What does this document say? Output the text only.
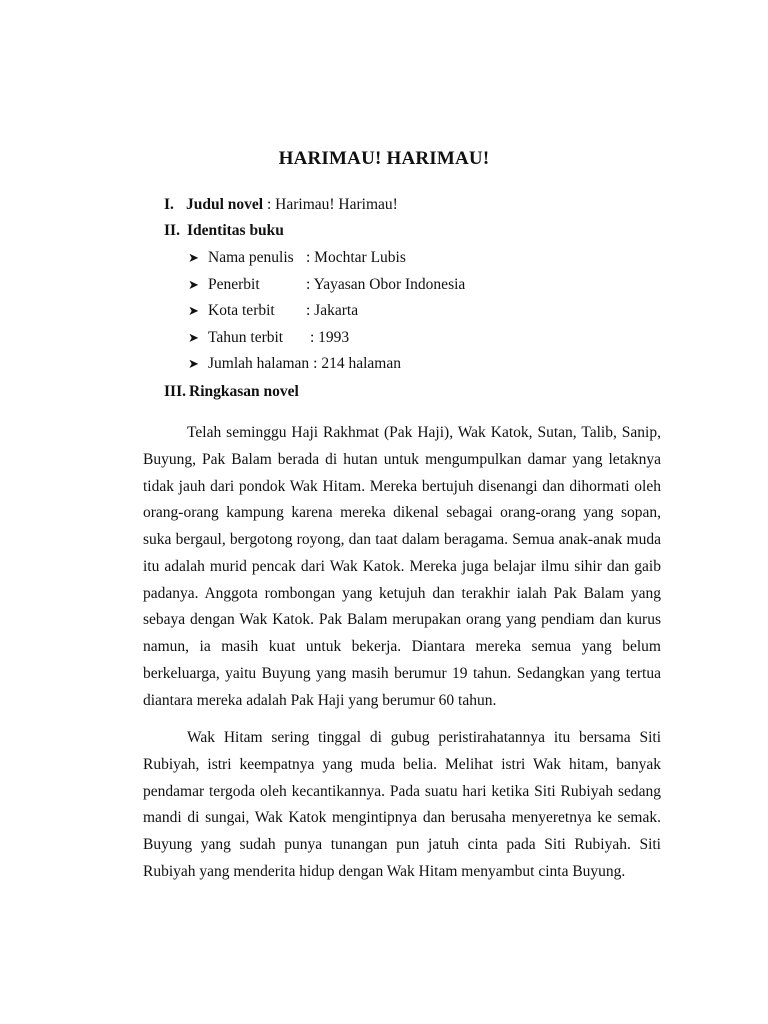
HARIMAU! HARIMAU!
I. Judul novel : Harimau! Harimau!
II. Identitas buku
➤ Nama penulis : Mochtar Lubis
➤ Penerbit	: Yayasan Obor Indonesia
➤ Kota terbit	: Jakarta
➤ Tahun terbit	: 1993
➤ Jumlah halaman : 214 halaman
III. Ringkasan novel

Telah seminggu Haji Rakhmat (Pak Haji), Wak Katok, Sutan, Talib, Sanip, Buyung, Pak Balam berada di hutan untuk mengumpulkan damar yang letaknya tidak jauh dari pondok Wak Hitam. Mereka bertujuh disenangi dan dihormati oleh orang-orang kampung karena mereka dikenal sebagai orang-orang yang sopan, suka bergaul, bergotong royong, dan taat dalam beragama. Semua anak-anak muda itu adalah murid pencak dari Wak Katok. Mereka juga belajar ilmu sihir dan gaib padanya. Anggota rombongan yang ketujuh dan terakhir ialah Pak Balam yang sebaya dengan Wak Katok. Pak Balam merupakan orang yang pendiam dan kurus namun, ia masih kuat untuk bekerja. Diantara mereka semua yang belum berkeluarga, yaitu Buyung yang masih berumur 19 tahun. Sedangkan yang tertua diantara mereka adalah Pak Haji yang berumur 60 tahun.

Wak Hitam sering tinggal di gubug peristirahatannya itu bersama Siti Rubiyah, istri keempatnya yang muda belia. Melihat istri Wak hitam, banyak pendamar tergoda oleh kecantikannya. Pada suatu hari ketika Siti Rubiyah sedang mandi di sungai, Wak Katok mengintipnya dan berusaha menyeretnya ke semak. Buyung yang sudah punya tunangan pun jatuh cinta pada Siti Rubiyah. Siti Rubiyah yang menderita hidup dengan Wak Hitam menyambut cinta Buyung.
